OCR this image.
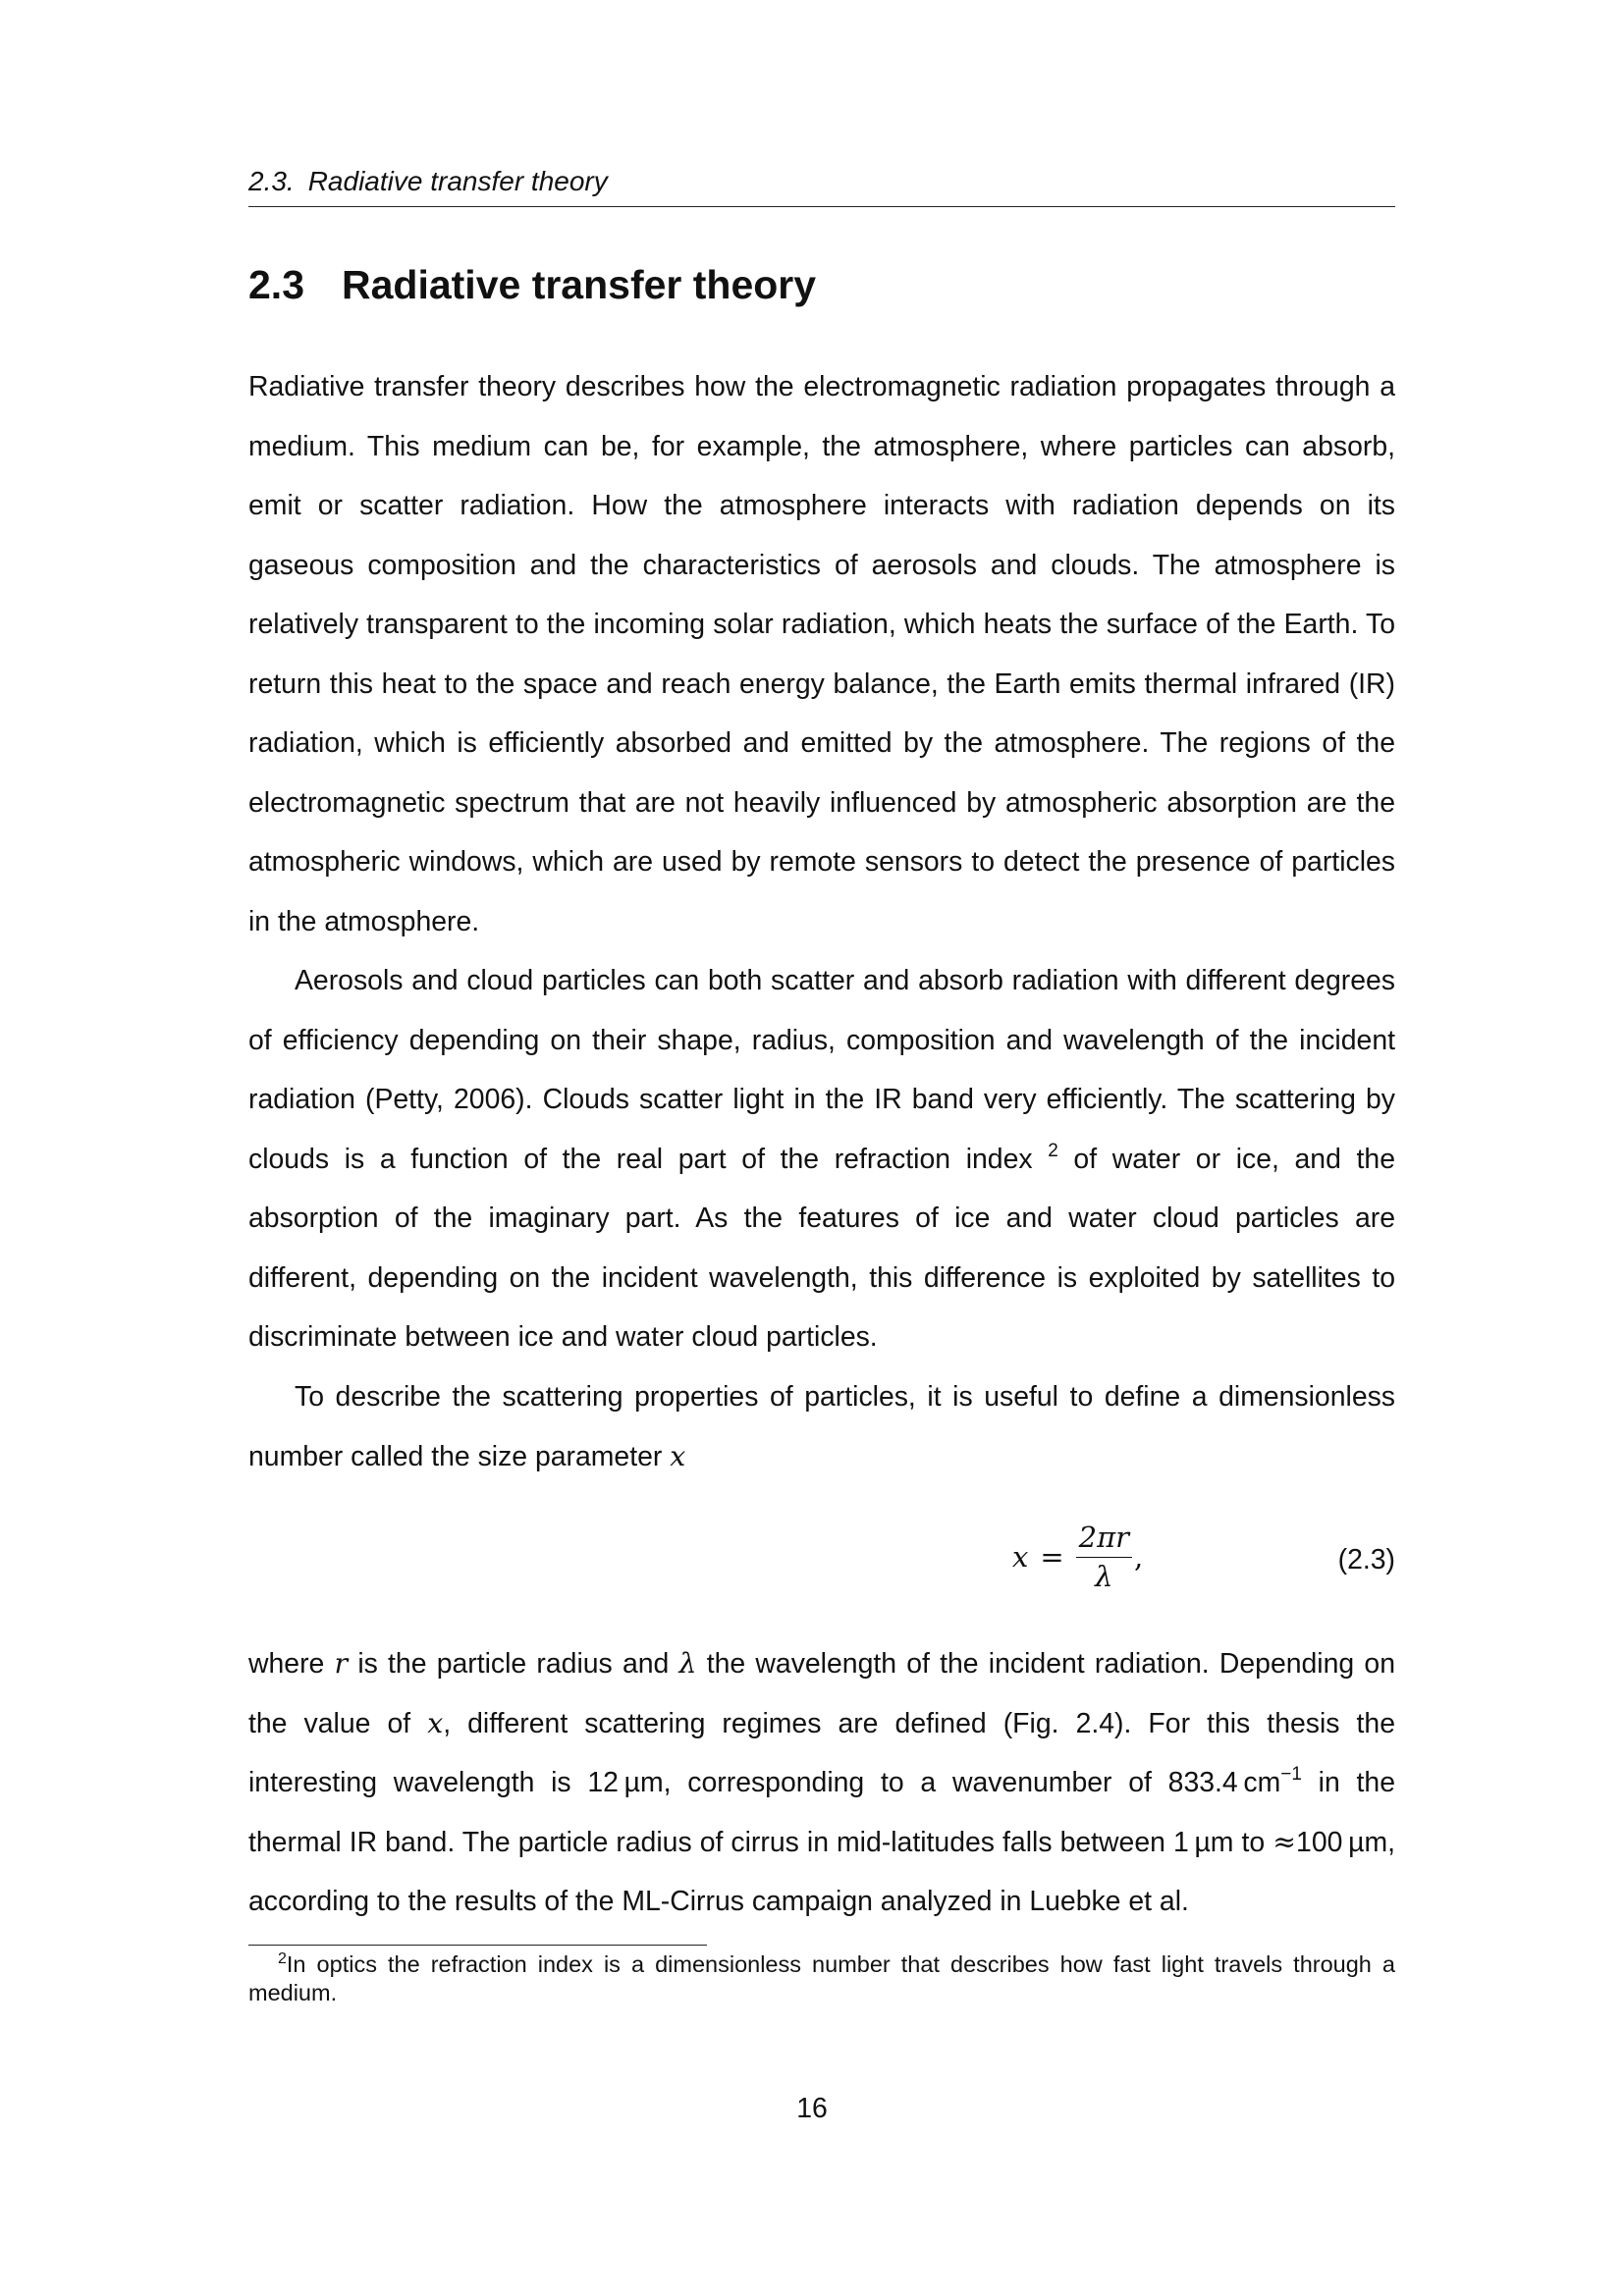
2.3. Radiative transfer theory
2.3 Radiative transfer theory

Radiative transfer theory describes how the electromagnetic radiation propagates through a medium. This medium can be, for example, the atmosphere, where particles can absorb, emit or scatter radiation. How the atmosphere interacts with radiation depends on its gaseous composition and the characteristics of aerosols and clouds. The atmosphere is relatively transparent to the incoming solar radiation, which heats the surface of the Earth. To return this heat to the space and reach energy balance, the Earth emits thermal infrared (IR) radiation, which is efficiently absorbed and emitted by the atmosphere. The regions of the electromagnetic spectrum that are not heavily influenced by atmospheric absorption are the atmospheric windows, which are used by remote sensors to detect the presence of particles in the atmosphere.

Aerosols and cloud particles can both scatter and absorb radiation with different degrees of efficiency depending on their shape, radius, composition and wavelength of the incident radiation (Petty, 2006). Clouds scatter light in the IR band very efficiently. The scattering by clouds is a function of the real part of the refraction index $^2$ of water or ice, and the absorption of the imaginary part. As the features of ice and water cloud particles are different, depending on the incident wavelength, this difference is exploited by satellites to discriminate between ice and water cloud particles.

To describe the scattering properties of particles, it is useful to define a dimensionless number called the size parameter x

$x = \frac{2\pi r}{\lambda}$ ,	(2.3)

where r is the particle radius and λ the wavelength of the incident radiation. Depending on the value of x, different scattering regimes are defined (Fig. 2.4). For this thesis the interesting wavelength is 12 µm, corresponding to a wavenumber of 833.4 $cm^{-1}$ in the thermal IR band. The particle radius of cirrus in mid-latitudes falls between 1 µm to ≈100 µm, according to the results of the ML-Cirrus campaign analyzed in Luebke et al.

$^2$In optics the refraction index is a dimensionless number that describes how fast light travels through a medium.

16
